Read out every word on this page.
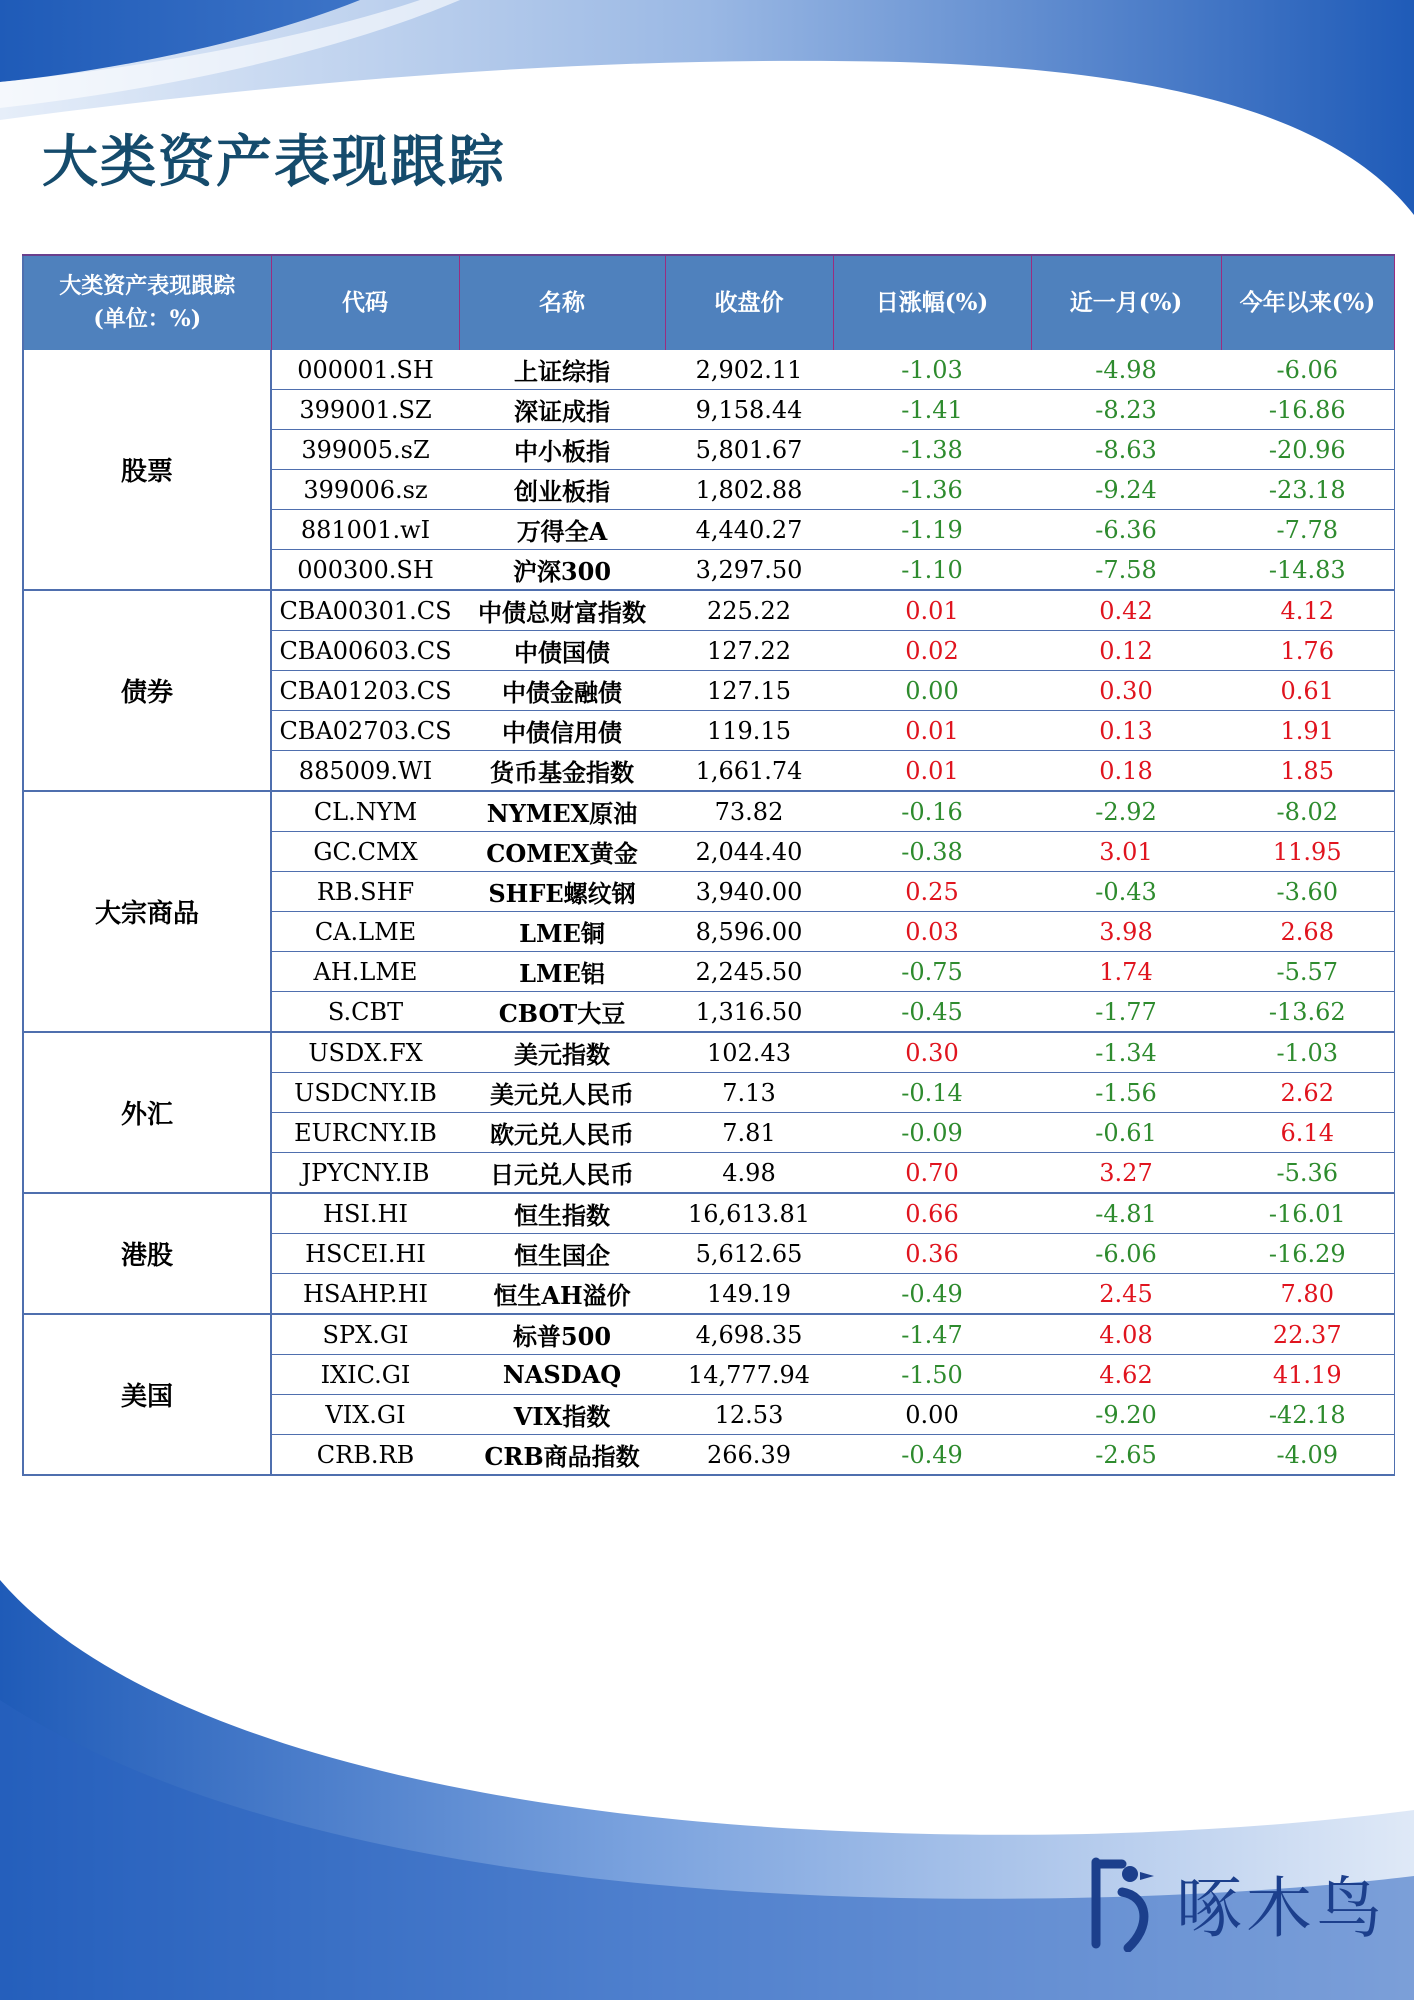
大类资产表现跟踪
大类资产表现跟踪
(单位：%)	代码	名称	收盘价	日涨幅(%)	近一月(%)	今年以来(%)
股票	000001.SH	上证综指	2,902.11	-1.03	-4.98	-6.06
	399001.SZ	深证成指	9,158.44	-1.41	-8.23	-16.86
	399005.sZ	中小板指	5,801.67	-1.38	-8.63	-20.96
	399006.sz	创业板指	1,802.88	-1.36	-9.24	-23.18
	881001.wI	万得全A	4,440.27	-1.19	-6.36	-7.78
	000300.SH	沪深300	3,297.50	-1.10	-7.58	-14.83
债券	CBA00301.CS	中债总财富指数	225.22	0.01	0.42	4.12
	CBA00603.CS	中债国债	127.22	0.02	0.12	1.76
	CBA01203.CS	中债金融债	127.15	0.00	0.30	0.61
	CBA02703.CS	中债信用债	119.15	0.01	0.13	1.91
	885009.WI	货币基金指数	1,661.74	0.01	0.18	1.85
大宗商品	CL.NYM	NYMEX原油	73.82	-0.16	-2.92	-8.02
	GC.CMX	COMEX黄金	2,044.40	-0.38	3.01	11.95
	RB.SHF	SHFE螺纹钢	3,940.00	0.25	-0.43	-3.60
	CA.LME	LME铜	8,596.00	0.03	3.98	2.68
	AH.LME	LME铝	2,245.50	-0.75	1.74	-5.57
	S.CBT	CBOT大豆	1,316.50	-0.45	-1.77	-13.62
外汇	USDX.FX	美元指数	102.43	0.30	-1.34	-1.03
	USDCNY.IB	美元兑人民币	7.13	-0.14	-1.56	2.62
	EURCNY.IB	欧元兑人民币	7.81	-0.09	-0.61	6.14
	JPYCNY.IB	日元兑人民币	4.98	0.70	3.27	-5.36
港股	HSI.HI	恒生指数	16,613.81	0.66	-4.81	-16.01
	HSCEI.HI	恒生国企	5,612.65	0.36	-6.06	-16.29
	HSAHP.HI	恒生AH溢价	149.19	-0.49	2.45	7.80
美国	SPX.GI	标普500	4,698.35	-1.47	4.08	22.37
	IXIC.GI	NASDAQ	14,777.94	-1.50	4.62	41.19
	VIX.GI	VIX指数	12.53	0.00	-9.20	-42.18
	CRB.RB	CRB商品指数	266.39	-0.49	-2.65	-4.09
啄木鸟
